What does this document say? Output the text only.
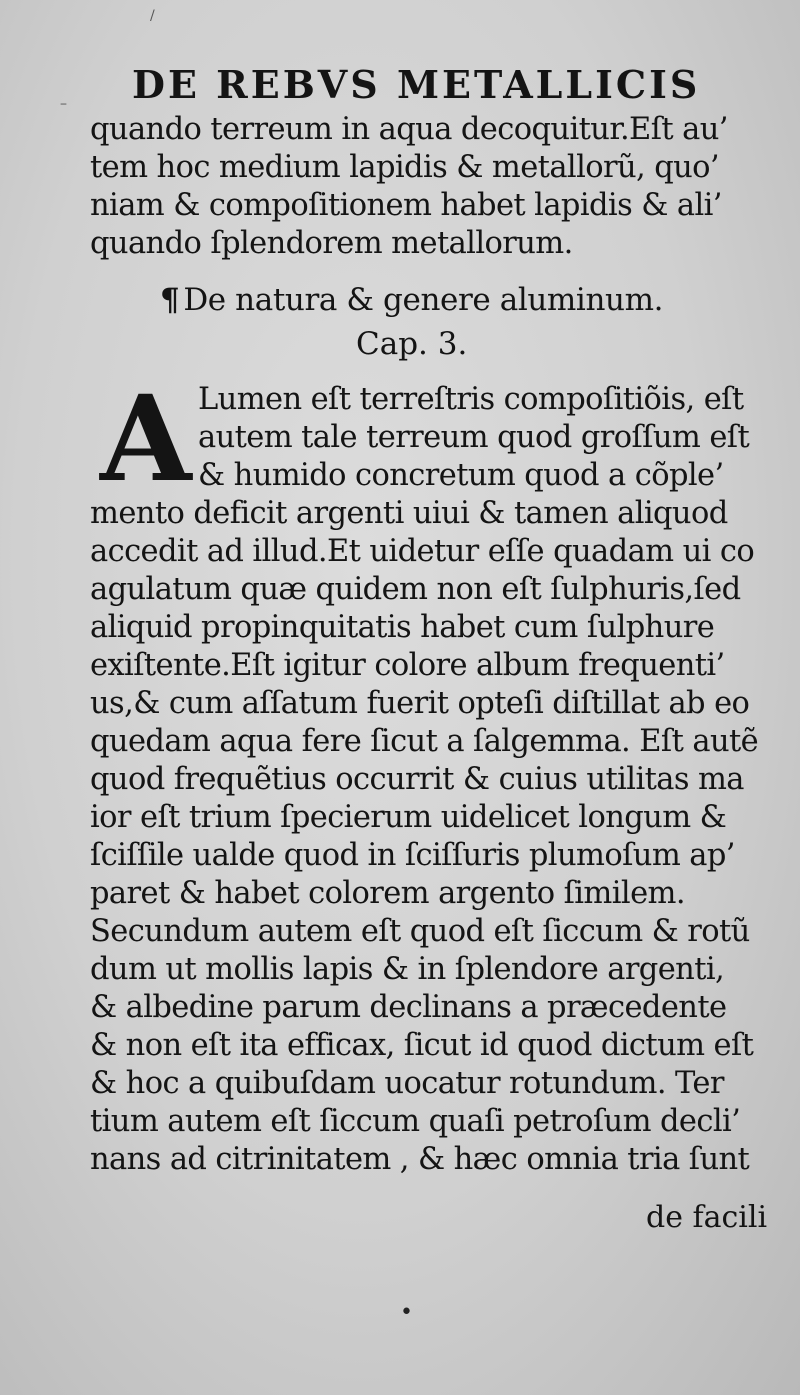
/
–
•
DE REBVS METALLICIS
quando terreum in aqua decoquitur.Eſt au’
tem hoc medium lapidis & metallorũ, quo’
niam & compoſitionem habet lapidis & ali’
quando ſplendorem metallorum.
¶ De natura & genere aluminum.
Cap. 3.
A Lumen eſt terreſtris compoſitiõis, eſt
autem tale terreum quod groſſum eſt
& humido concretum quod a cõple’
mento deficit argenti uiui & tamen aliquod
accedit ad illud.Et uidetur eſſe quadam ui co
agulatum quæ quidem non eſt ſulphuris,ſed
aliquid propinquitatis habet cum ſulphure
exiſtente.Eſt igitur colore album frequenti’
us,& cum aſſatum fuerit opteſi diſtillat ab eo
quedam aqua fere ſicut a ſalgemma. Eſt autẽ
quod frequẽtius occurrit & cuius utilitas ma
ior eſt trium ſpecierum uidelicet longum &
ſciſſile ualde quod in ſciſſuris plumoſum ap’
paret & habet colorem argento ſimilem.
Secundum autem eſt quod eſt ſiccum & rotũ
dum ut mollis lapis & in ſplendore argenti,
& albedine parum declinans a præcedente
& non eſt ita efficax, ſicut id quod dictum eſt
& hoc a quibuſdam uocatur rotundum. Ter
tium autem eſt ſiccum quaſi petroſum decli’
nans ad citrinitatem , & hæc omnia tria ſunt
de facili
